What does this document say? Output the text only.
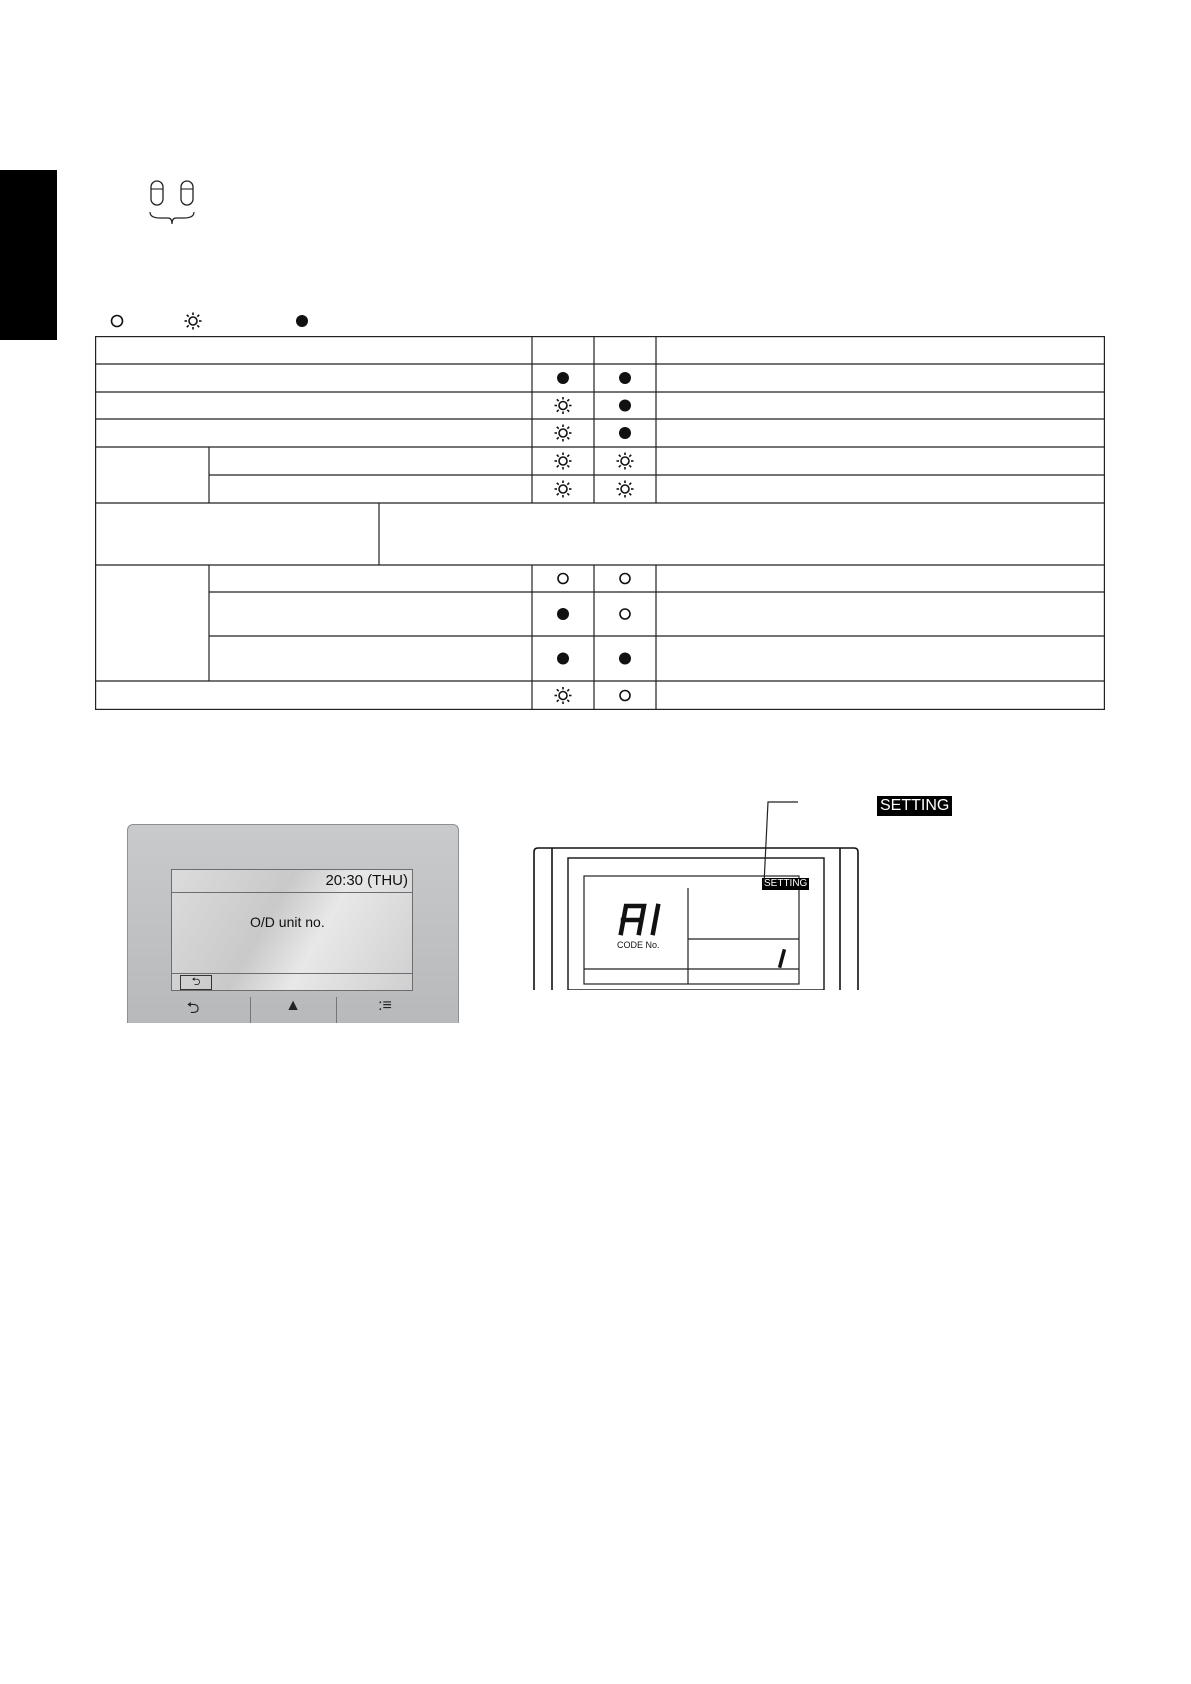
20:30 (THU)
O/D unit no.
⮌
⮌	▲	:≡
SETTING
CODE No.
SETTING
